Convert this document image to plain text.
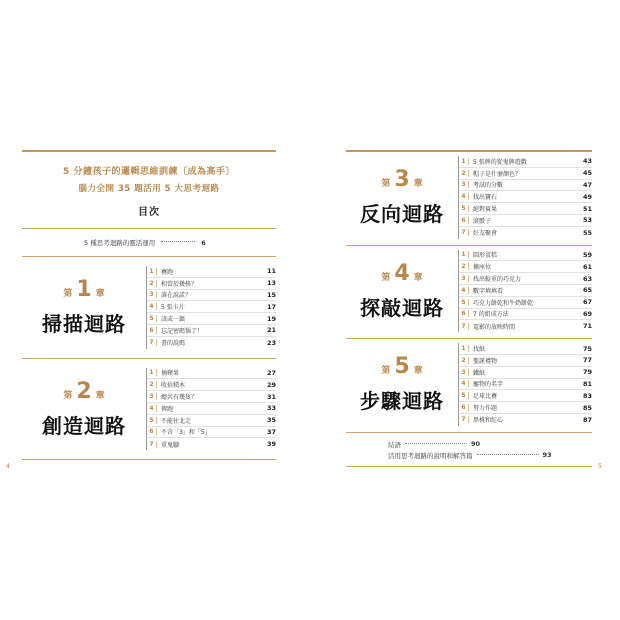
5 分鐘孩子的邏輯思維訓練〔成為高手〕
腦力全開 35 題活用 5 大思考迴路
目次
5 種思考迴路的靈活運用	6
第 1 章
掃描迴路
1	賽跑	11
2	相當於幾格？	13
3	誰在說謊？	15
4	5 張卡片	17
5	該或一鎮	19
6	忘記密碼惱了！	21
7	書的說碼	23
第 2 章
創造迴路
1	摘蘋果	27
2	收拾積木	29
3	總共有幾隻？	31
4	傳跑	33
5	不能往北走	35
6	不含「3」和「5」	37
7	重鬼腳	39
第 3 章
反向迴路
1	5 張牌的從鬼牌遊戲	43
2	帽子是什麼顏色？	45
3	考試的分數	47
4	找出寶石	49
5	絕對賓果	51
6	滾骰子	53
7	好友聚會	55
第 4 章
探敲迴路
1	圓形蛋糕	59
2	擴座位	61
3	找出較重的巧克力	63
4	數字填填看	65
5	巧克力餅乾和牛奶餅乾	67
6	7 的組成方法	69
7	電影的放映時間	71
第 5 章
步驟迴路
1	找紙	75
2	聖誕禮物	77
3	鐵紙	79
4	寵物的名字	81
5	足球比賽	83
6	努力作題	85
7	黑桃和紅心	87
結語	90
活用思考迴路的說明和解答篇	93
4	5
